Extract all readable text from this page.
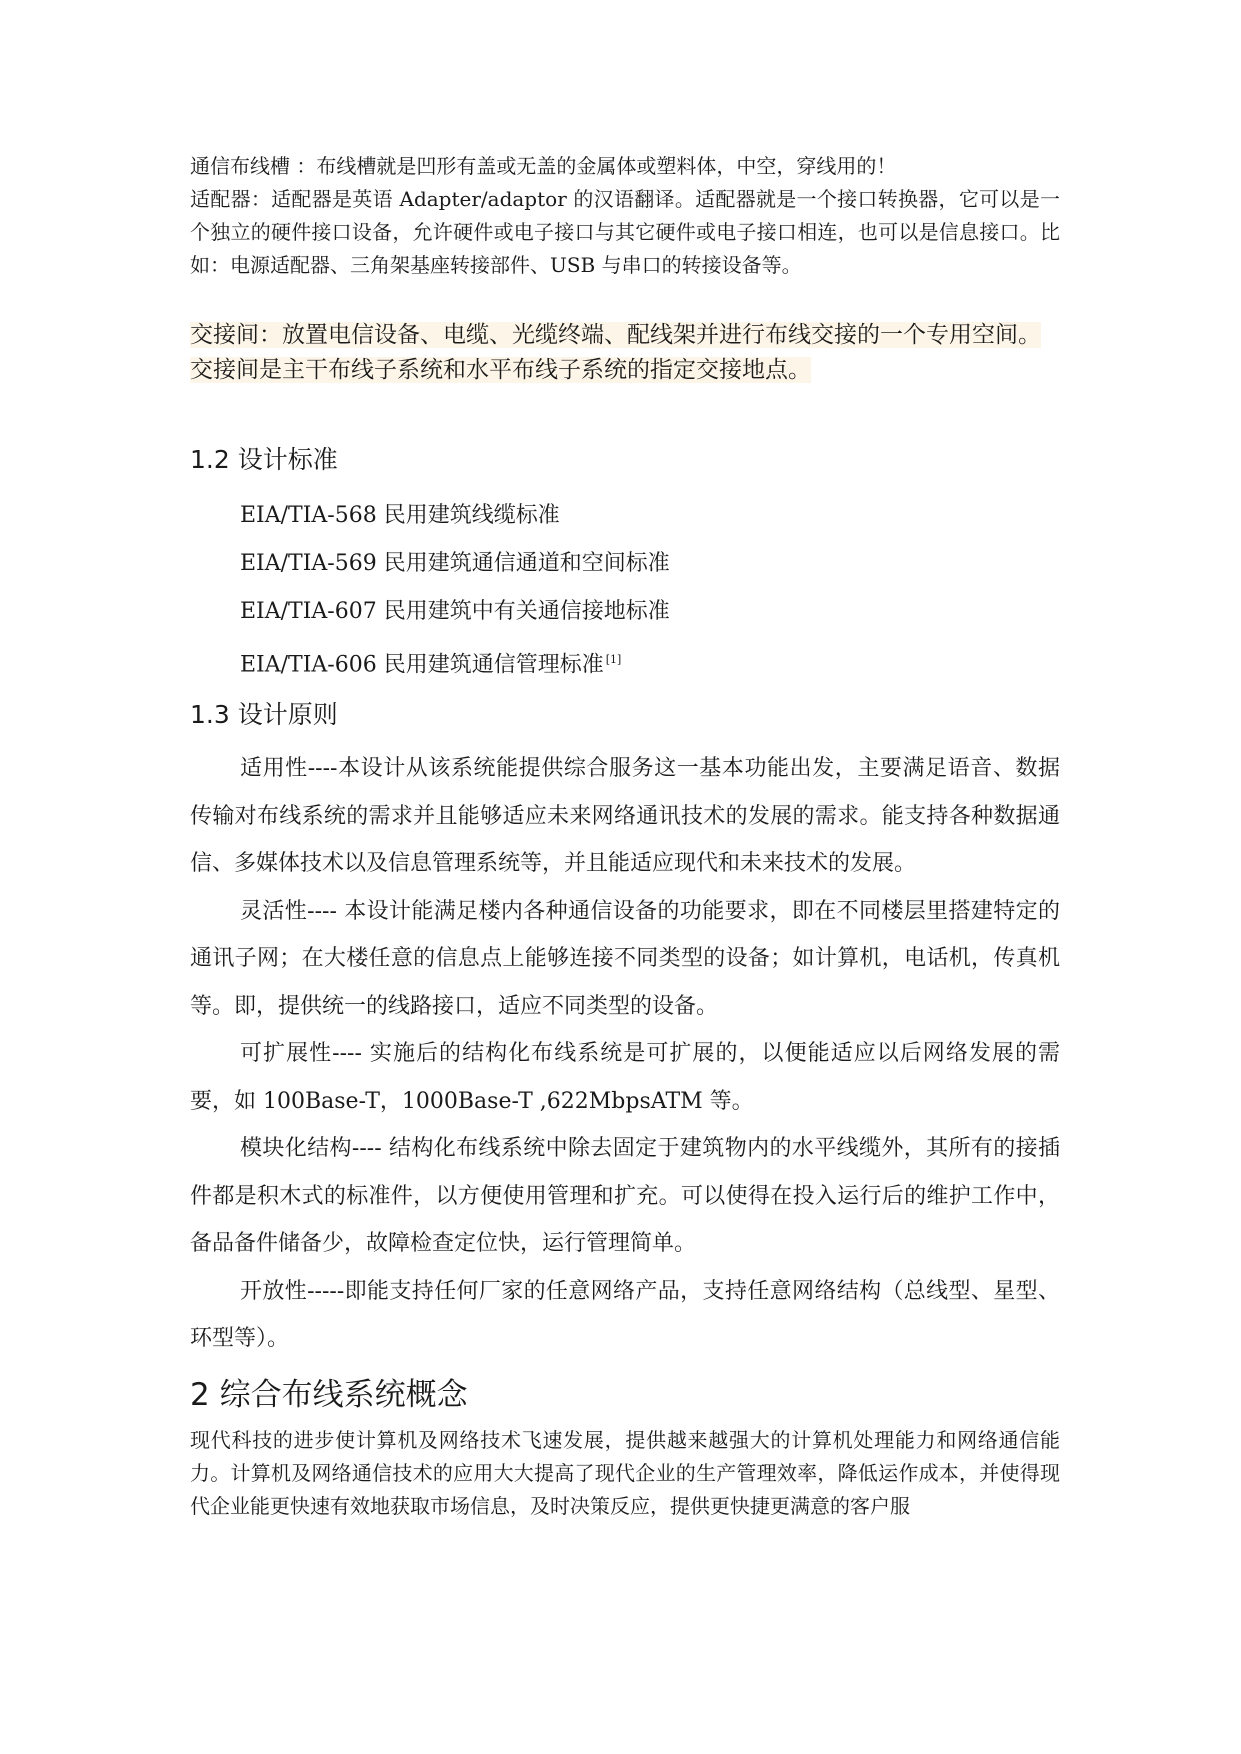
通信布线槽 ：布线槽就是凹形有盖或无盖的金属体或塑料体，中空，穿线用的！

适配器：适配器是英语 Adapter/adaptor 的汉语翻译。适配器就是一个接口转换器，它可以是一个独立的硬件接口设备，允许硬件或电子接口与其它硬件或电子接口相连，也可以是信息接口。比如：电源适配器、三角架基座转接部件、USB 与串口的转接设备等。

交接间：放置电信设备、电缆、光缆终端、配线架并进行布线交接的一个专用空间。交接间是主干布线子系统和水平布线子系统的指定交接地点。
1.2 设计标准
EIA/TIA-568 民用建筑线缆标准
EIA/TIA-569 民用建筑通信通道和空间标准
EIA/TIA-607 民用建筑中有关通信接地标准
EIA/TIA-606 民用建筑通信管理标准 [1]
1.3 设计原则

适用性----本设计从该系统能提供综合服务这一基本功能出发，主要满足语音、数据传输对布线系统的需求并且能够适应未来网络通讯技术的发展的需求。能支持各种数据通信、多媒体技术以及信息管理系统等，并且能适应现代和未来技术的发展。

灵活性---- 本设计能满足楼内各种通信设备的功能要求，即在不同楼层里搭建特定的通讯子网；在大楼任意的信息点上能够连接不同类型的设备；如计算机，电话机，传真机等。即，提供统一的线路接口，适应不同类型的设备。

可扩展性---- 实施后的结构化布线系统是可扩展的，以便能适应以后网络发展的需要，如 100Base-T，1000Base-T ,622MbpsATM 等。

模块化结构---- 结构化布线系统中除去固定于建筑物内的水平线缆外，其所有的接插件都是积木式的标准件，以方便使用管理和扩充。可以使得在投入运行后的维护工作中，备品备件储备少，故障检查定位快，运行管理简单。

开放性-----即能支持任何厂家的任意网络产品，支持任意网络结构（总线型、星型、环型等）。

2 综合布线系统概念

现代科技的进步使计算机及网络技术飞速发展，提供越来越强大的计算机处理能力和网络通信能力。计算机及网络通信技术的应用大大提高了现代企业的生产管理效率，降低运作成本，并使得现代企业能更快速有效地获取市场信息，及时决策反应，提供更快捷更满意的客户服
